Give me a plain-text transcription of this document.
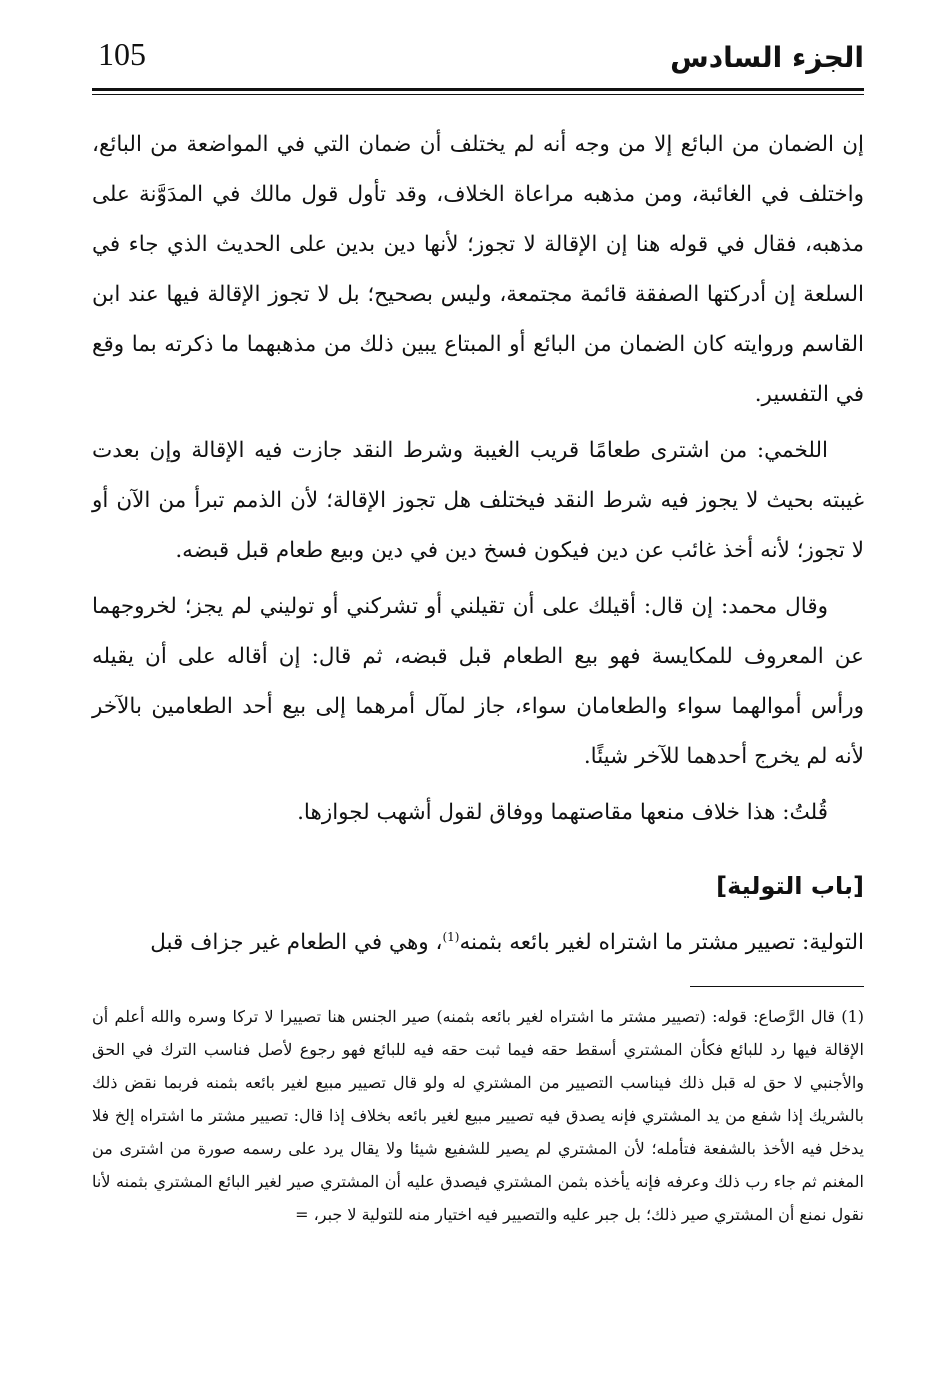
105	الجزء السادس

إن الضمان من البائع إلا من وجه أنه لم يختلف أن ضمان التي في المواضعة من البائع، واختلف في الغائبة، ومن مذهبه مراعاة الخلاف، وقد تأول قول مالك في المدَوَّنة على مذهبه، فقال في قوله هنا إن الإقالة لا تجوز؛ لأنها دين بدين على الحديث الذي جاء في السلعة إن أدركتها الصفقة قائمة مجتمعة، وليس بصحيح؛ بل لا تجوز الإقالة فيها عند ابن القاسم وروايته كان الضمان من البائع أو المبتاع يبين ذلك من مذهبهما ما ذكرته بما وقع في التفسير.

اللخمي: من اشترى طعامًا قريب الغيبة وشرط النقد جازت فيه الإقالة وإن بعدت غيبته بحيث لا يجوز فيه شرط النقد فيختلف هل تجوز الإقالة؛ لأن الذمم تبرأ من الآن أو لا تجوز؛ لأنه أخذ غائب عن دين فيكون فسخ دين في دين وبيع طعام قبل قبضه.

وقال محمد: إن قال: أقيلك على أن تقيلني أو تشركني أو توليني لم يجز؛ لخروجهما عن المعروف للمكايسة فهو بيع الطعام قبل قبضه، ثم قال: إن أقاله على أن يقيله ورأس أموالهما سواء والطعامان سواء، جاز لمآل أمرهما إلى بيع أحد الطعامين بالآخر لأنه لم يخرج أحدهما للآخر شيئًا.

قُلتُ: هذا خلاف منعها مقاصتهما ووفاق لقول أشهب لجوازها.

[باب التولية]

التولية: تصيير مشتر ما اشتراه لغير بائعه بثمنه$^{(1)}$، وهي في الطعام غير جزاف قبل

(1) قال الرَّصاع: قوله: (تصيير مشتر ما اشتراه لغير بائعه بثمنه) صير الجنس هنا تصييرا لا تركا وسره والله أعلم أن الإقالة فيها رد للبائع فكأن المشتري أسقط حقه فيما ثبت حقه فيه للبائع فهو رجوع لأصل فناسب الترك في الحق والأجنبي لا حق له قبل ذلك فيناسب التصيير من المشتري له ولو قال تصيير مبيع لغير بائعه بثمنه فربما نقض ذلك بالشريك إذا شفع من يد المشتري فإنه يصدق فيه تصيير مبيع لغير بائعه بخلاف إذا قال: تصيير مشتر ما اشتراه إلخ فلا يدخل فيه الأخذ بالشفعة فتأمله؛ لأن المشتري لم يصير للشفيع شيئا ولا يقال يرد على رسمه صورة من اشترى من المغنم ثم جاء رب ذلك وعرفه فإنه يأخذه بثمن المشتري فيصدق عليه أن المشتري صير لغير البائع المشتري بثمنه لأنا نقول نمنع أن المشتري صير ذلك؛ بل جبر عليه والتصيير فيه اختيار منه للتولية لا جبر، =
